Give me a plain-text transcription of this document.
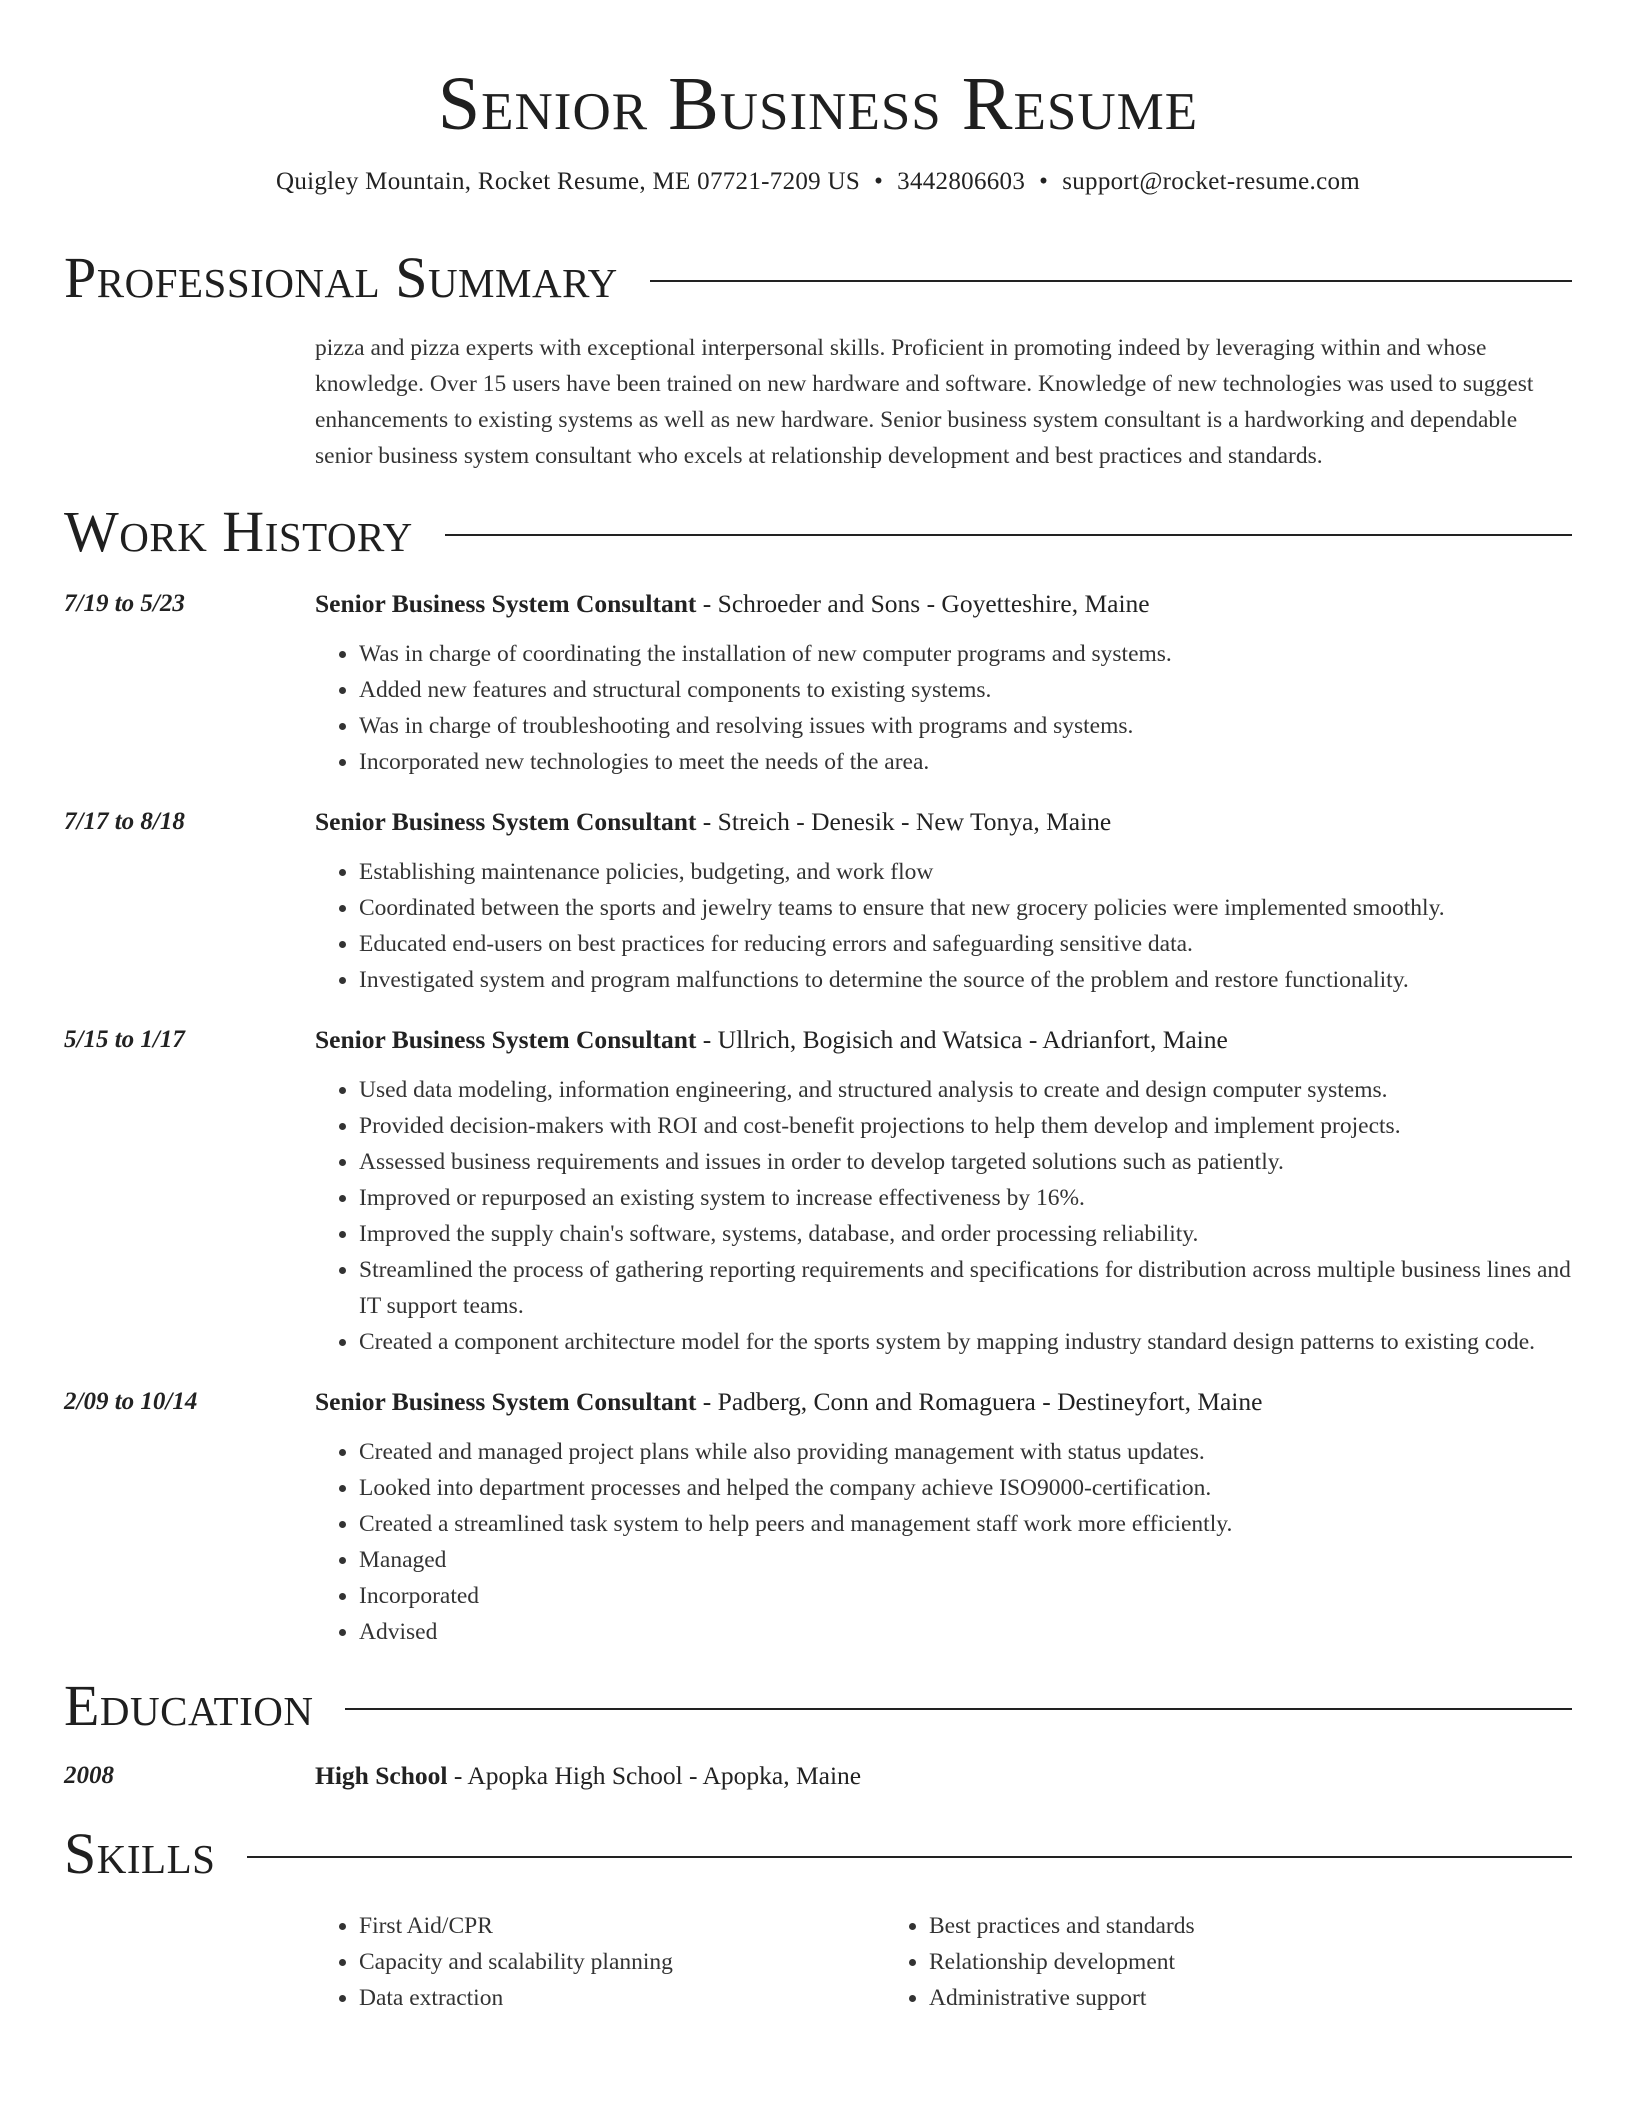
Senior Business Resume
Quigley Mountain, Rocket Resume, ME 07721-7209 US • 3442806603 • support@rocket-resume.com
Professional Summary
pizza and pizza experts with exceptional interpersonal skills. Proficient in promoting indeed by leveraging within and whose knowledge. Over 15 users have been trained on new hardware and software. Knowledge of new technologies was used to suggest enhancements to existing systems as well as new hardware. Senior business system consultant is a hardworking and dependable senior business system consultant who excels at relationship development and best practices and standards.
Work History
7/19 to 5/23	Senior Business System Consultant - Schroeder and Sons - Goyetteshire, Maine
• Was in charge of coordinating the installation of new computer programs and systems.
• Added new features and structural components to existing systems.
• Was in charge of troubleshooting and resolving issues with programs and systems.
• Incorporated new technologies to meet the needs of the area.
7/17 to 8/18	Senior Business System Consultant - Streich - Denesik - New Tonya, Maine
• Establishing maintenance policies, budgeting, and work flow
• Coordinated between the sports and jewelry teams to ensure that new grocery policies were implemented smoothly.
• Educated end-users on best practices for reducing errors and safeguarding sensitive data.
• Investigated system and program malfunctions to determine the source of the problem and restore functionality.
5/15 to 1/17	Senior Business System Consultant - Ullrich, Bogisich and Watsica - Adrianfort, Maine
• Used data modeling, information engineering, and structured analysis to create and design computer systems.
• Provided decision-makers with ROI and cost-benefit projections to help them develop and implement projects.
• Assessed business requirements and issues in order to develop targeted solutions such as patiently.
• Improved or repurposed an existing system to increase effectiveness by 16%.
• Improved the supply chain's software, systems, database, and order processing reliability.
• Streamlined the process of gathering reporting requirements and specifications for distribution across multiple business lines and IT support teams.
• Created a component architecture model for the sports system by mapping industry standard design patterns to existing code.
2/09 to 10/14	Senior Business System Consultant - Padberg, Conn and Romaguera - Destineyfort, Maine
• Created and managed project plans while also providing management with status updates.
• Looked into department processes and helped the company achieve ISO9000-certification.
• Created a streamlined task system to help peers and management staff work more efficiently.
• Managed
• Incorporated
• Advised
Education
2008	High School - Apopka High School - Apopka, Maine
Skills
• First Aid/CPR
• Capacity and scalability planning
• Data extraction
• Best practices and standards
• Relationship development
• Administrative support
